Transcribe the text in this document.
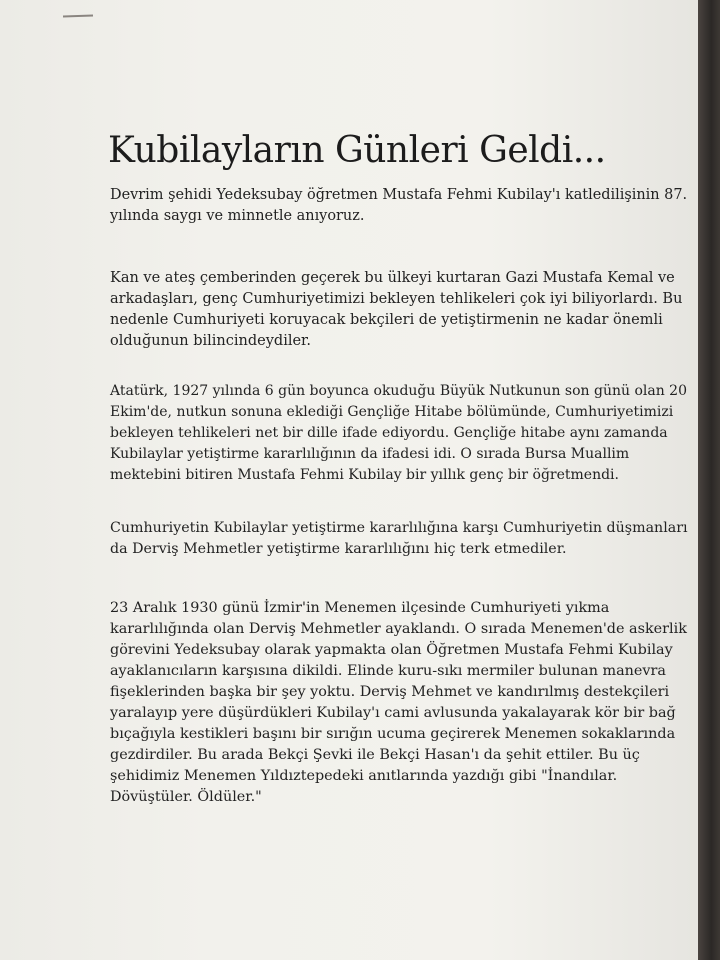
Kubilayların Günleri Geldi...

Devrim şehidi Yedeksubay öğretmen Mustafa Fehmi Kubilay'ı katledilişinin 87.
yılında saygı ve minnetle anıyoruz.

Kan ve ateş çemberinden geçerek bu ülkeyi kurtaran Gazi Mustafa Kemal ve
arkadaşları, genç Cumhuriyetimizi bekleyen tehlikeleri çok iyi biliyorlardı. Bu
nedenle Cumhuriyeti koruyacak bekçileri de yetiştirmenin ne kadar önemli
olduğunun bilincindeydiler.

Atatürk, 1927 yılında 6 gün boyunca okuduğu Büyük Nutkunun son günü olan 20
Ekim'de, nutkun sonuna eklediği Gençliğe Hitabe bölümünde, Cumhuriyetimizi
bekleyen tehlikeleri net bir dille ifade ediyordu. Gençliğe hitabe aynı zamanda
Kubilaylar yetiştirme kararlılığının da ifadesi idi. O sırada Bursa Muallim
mektebini bitiren Mustafa Fehmi Kubilay bir yıllık genç bir öğretmendi.

Cumhuriyetin Kubilaylar yetiştirme kararlılığına karşı Cumhuriyetin düşmanları
da Derviş Mehmetler yetiştirme kararlılığını hiç terk etmediler.

23 Aralık 1930 günü İzmir'in Menemen ilçesinde Cumhuriyeti yıkma
kararlılığında olan Derviş Mehmetler ayaklandı. O sırada Menemen'de askerlik
görevini Yedeksubay olarak yapmakta olan Öğretmen Mustafa Fehmi Kubilay
ayaklanıcıların karşısına dikildi. Elinde kuru-sıkı mermiler bulunan manevra
fişeklerinden başka bir şey yoktu. Derviş Mehmet ve kandırılmış destekçileri
yaralayıp yere düşürdükleri Kubilay'ı cami avlusunda yakalayarak kör bir bağ
bıçağıyla kestikleri başını bir sırığın ucuma geçirerek Menemen sokaklarında
gezdirdiler. Bu arada Bekçi Şevki ile Bekçi Hasan'ı da şehit ettiler. Bu üç
şehidimiz Menemen Yıldıztepedeki anıtlarında yazdığı gibi "İnandılar.
Dövüştüler. Öldüler."
